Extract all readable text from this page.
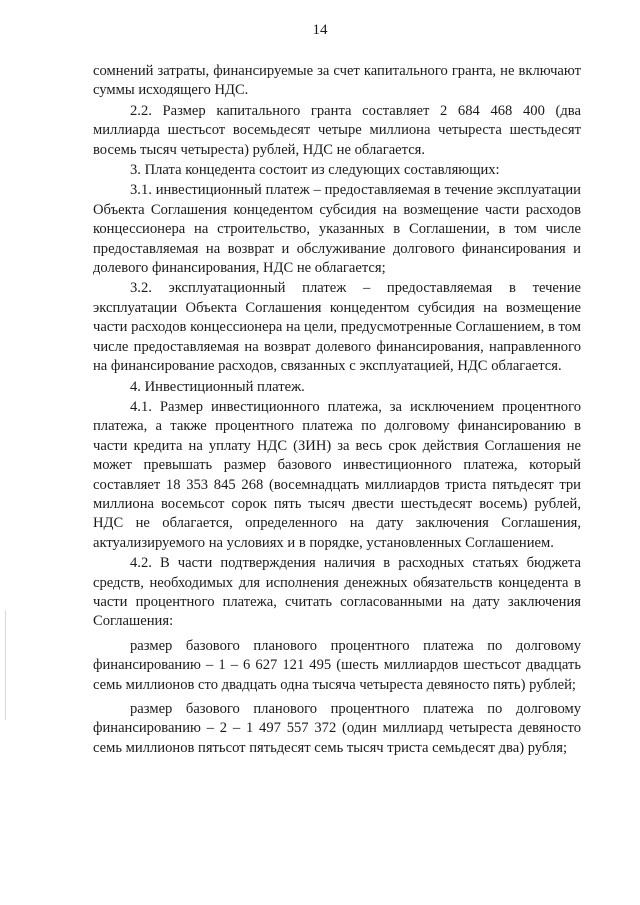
14

сомнений затраты, финансируемые за счет капитального гранта, не включают суммы исходящего НДС.

2.2. Размер капитального гранта составляет 2 684 468 400 (два миллиарда шестьсот восемьдесят четыре миллиона четыреста шестьдесят восемь тысяч четыреста) рублей, НДС не облагается.

3. Плата концедента состоит из следующих составляющих:

3.1. инвестиционный платеж – предоставляемая в течение эксплуатации Объекта Соглашения концедентом субсидия на возмещение части расходов концессионера на строительство, указанных в Соглашении, в том числе предоставляемая на возврат и обслуживание долгового финансирования и долевого финансирования, НДС не облагается;

3.2. эксплуатационный платеж – предоставляемая в течение эксплуатации Объекта Соглашения концедентом субсидия на возмещение части расходов концессионера на цели, предусмотренные Соглашением, в том числе предоставляемая на возврат долевого финансирования, направленного на финансирование расходов, связанных с эксплуатацией, НДС облагается.

4. Инвестиционный платеж.

4.1. Размер инвестиционного платежа, за исключением процентного платежа, а также процентного платежа по долговому финансированию в части кредита на уплату НДС (ЗИН) за весь срок действия Соглашения не может превышать размер базового инвестиционного платежа, который составляет 18 353 845 268 (восемнадцать миллиардов триста пятьдесят три миллиона восемьсот сорок пять тысяч двести шестьдесят восемь) рублей, НДС не облагается, определенного на дату заключения Соглашения, актуализируемого на условиях и в порядке, установленных Соглашением.

4.2. В части подтверждения наличия в расходных статьях бюджета средств, необходимых для исполнения денежных обязательств концедента в части процентного платежа, считать согласованными на дату заключения Соглашения:

размер базового планового процентного платежа по долговому финансированию – 1 – 6 627 121 495 (шесть миллиардов шестьсот двадцать семь миллионов сто двадцать одна тысяча четыреста девяносто пять) рублей;

размер базового планового процентного платежа по долговому финансированию – 2 – 1 497 557 372 (один миллиард четыреста девяносто семь миллионов пятьсот пятьдесят семь тысяч триста семьдесят два) рубля;
